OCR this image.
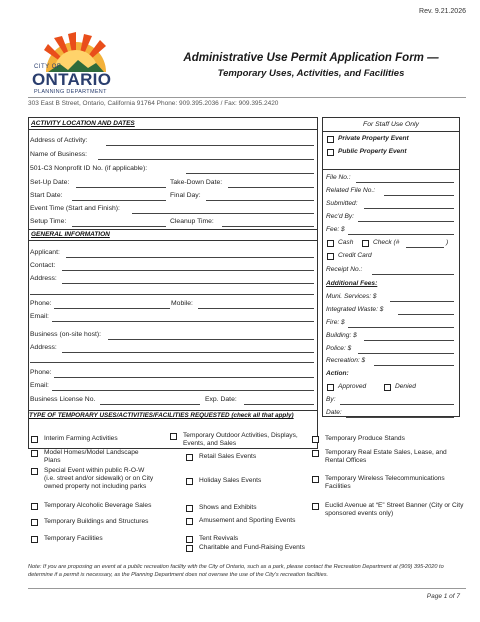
Rev. 9.21.2026
CITY OF
ONTARIO
PLANNING DEPARTMENT
Administrative Use Permit Application Form —
Temporary Uses, Activities, and Facilities
303 East B Street, Ontario, California 91764 Phone: 909.395.2036 / Fax: 909.395.2420
ACTIVITY LOCATION AND DATES
Address of Activity:
Name of Business:
501-C3 Nonprofit ID No. (if applicable):
Set-Up Date:	Take-Down Date:
Start Date:	Final Day:
Event Time (Start and Finish):
Setup Time:	Cleanup Time:
GENERAL INFORMATION
Applicant:
Contact:
Address:
Phone:	Mobile:
Email:
Business (on-site host):
Address:
Phone:
Email:
Business License No.	Exp. Date:
TYPE OF TEMPORARY USES/ACTIVITIES/FACILITIES REQUESTED (check all that apply)
For Staff Use Only
Private Property Event
Public Property Event
File No.:
Related File No.:
Submitted:
Rec'd By:
Fee: $
Cash	Check (#	)
Credit Card
Receipt No.:
Additional Fees:
Muni. Services: $
Integrated Waste: $
Fire: $
Building: $
Police: $
Recreation: $
Action:
Approved	Denied
By:
Date:
Interim Farming Activities
Model Homes/Model Landscape Plans
Special Event within public R-O-W (i.e. street and/or sidewalk) or on City owned property not including parks
Temporary Alcoholic Beverage Sales
Temporary Buildings and Structures
Temporary Facilities
Temporary Outdoor Activities, Displays, Events, and Sales
Retail Sales Events
Holiday Sales Events
Shows and Exhibits
Amusement and Sporting Events
Tent Revivals
Charitable and Fund-Raising Events
Temporary Produce Stands
Temporary Real Estate Sales, Lease, and Rental Offices
Temporary Wireless Telecommunications Facilities
Euclid Avenue at “E” Street Banner (City or City sponsored events only)
Note: If you are proposing an event at a public recreation facility with the City of Ontario, such as a park, please contact the Recreation Department at (909) 395-2020 to determine if a permit is necessary, as the Planning Department does not oversee the use of the City's recreation facilities.
Page 1 of 7
